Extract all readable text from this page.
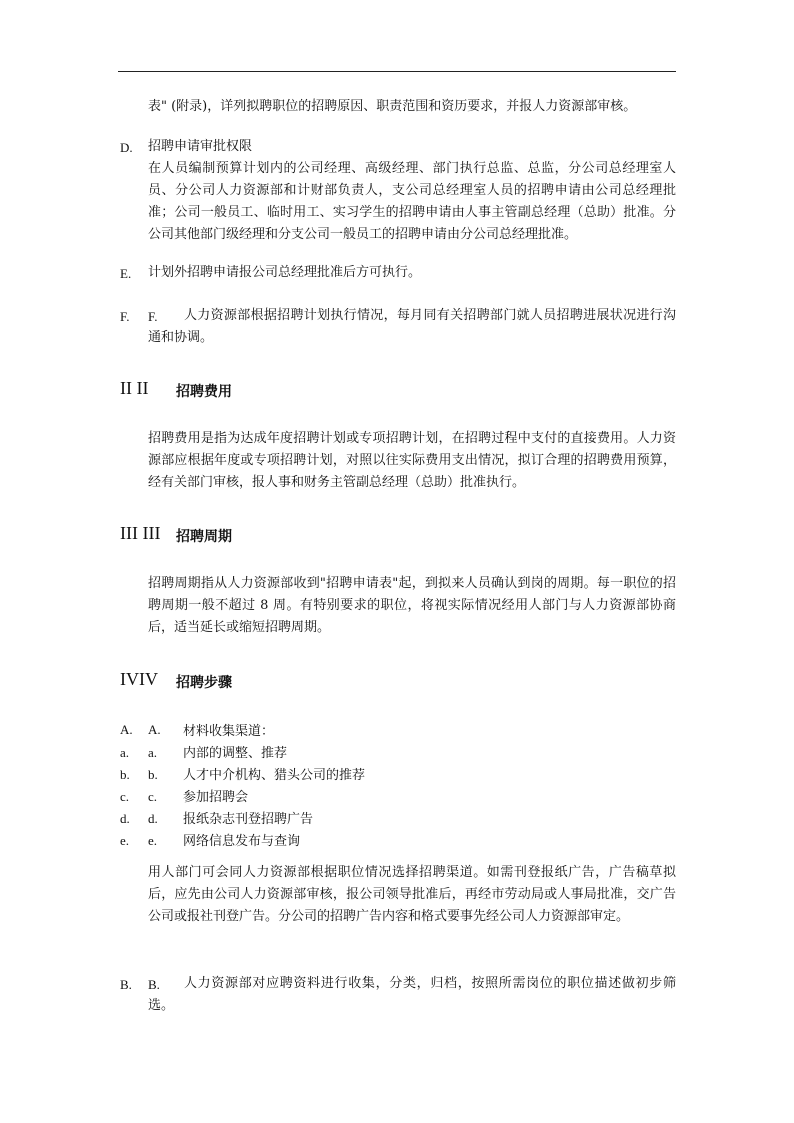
表" (附录)，详列拟聘职位的招聘原因、职责范围和资历要求，并报人力资源部审核。

D. 招聘申请审批权限

在人员编制预算计划内的公司经理、高级经理、部门执行总监、总监，分公司总经理室人员、分公司人力资源部和计财部负责人，支公司总经理室人员的招聘申请由公司总经理批准；公司一般员工、临时用工、实习学生的招聘申请由人事主管副总经理（总助）批准。分公司其他部门级经理和分支公司一般员工的招聘申请由分公司总经理批准。

E. 计划外招聘申请报公司总经理批准后方可执行。

F. F.	人力资源部根据招聘计划执行情况，每月同有关招聘部门就人员招聘进展状况进行沟通和协调。

II II 招聘费用

招聘费用是指为达成年度招聘计划或专项招聘计划，在招聘过程中支付的直接费用。人力资源部应根据年度或专项招聘计划，对照以往实际费用支出情况，拟订合理的招聘费用预算，经有关部门审核，报人事和财务主管副总经理（总助）批准执行。

III III 招聘周期

招聘周期指从人力资源部收到"招聘申请表"起，到拟来人员确认到岗的周期。每一职位的招聘周期一般不超过 8 周。有特别要求的职位，将视实际情况经用人部门与人力资源部协商后，适当延长或缩短招聘周期。

IVIV 招聘步骤
A. A. 材料收集渠道：
a. a. 内部的调整、推荐
b. b. 人才中介机构、猎头公司的推荐
c. c. 参加招聘会
d. d. 报纸杂志刊登招聘广告
e. e. 网络信息发布与查询

用人部门可会同人力资源部根据职位情况选择招聘渠道。如需刊登报纸广告，广告稿草拟后，应先由公司人力资源部审核，报公司领导批准后，再经市劳动局或人事局批准，交广告公司或报社刊登广告。分公司的招聘广告内容和格式要事先经公司人力资源部审定。

B. B.	人力资源部对应聘资料进行收集，分类，归档，按照所需岗位的职位描述做初步筛选。
